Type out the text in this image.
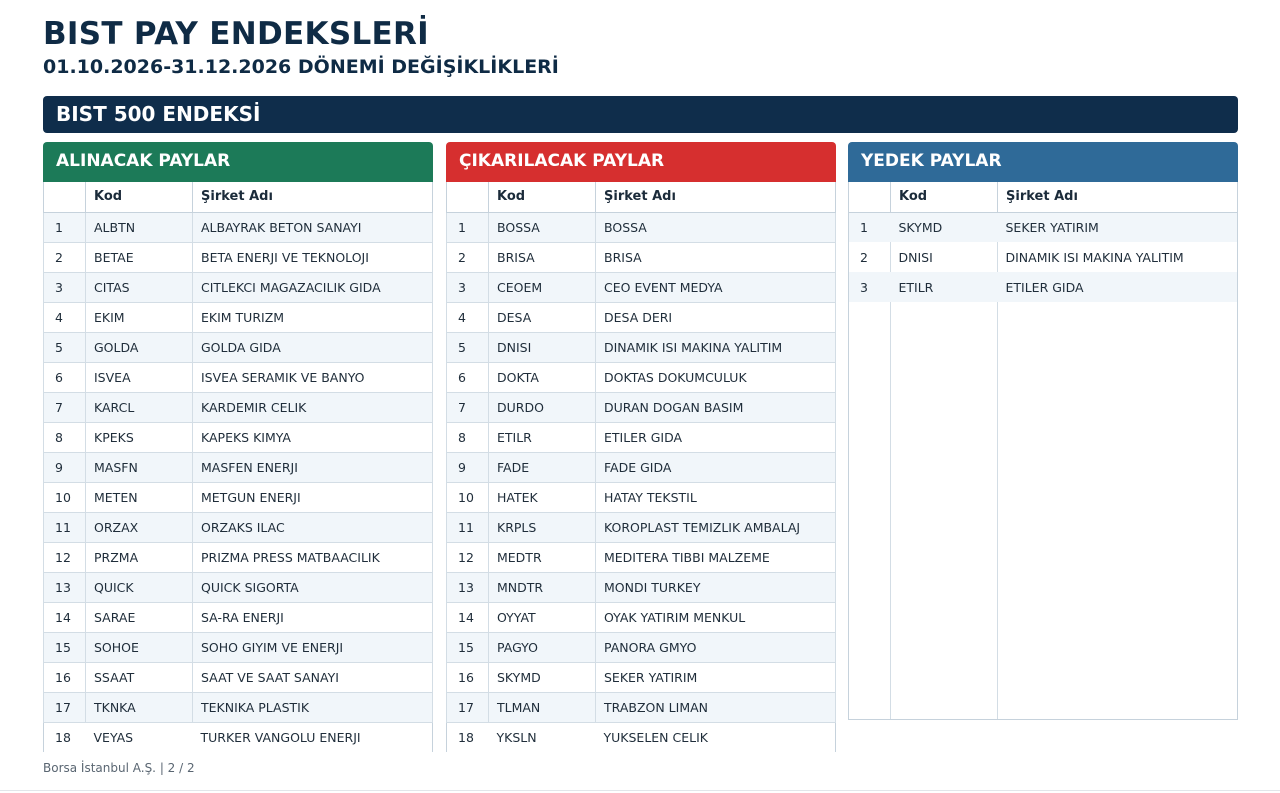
BIST PAY ENDEKSLERİ
01.10.2026-31.12.2026 DÖNEMİ DEĞİŞİKLİKLERİ
BIST 500 ENDEKSİ
ALINACAK PAYLAR
	Kod	Şirket Adı
1	ALBTN	ALBAYRAK BETON SANAYI
2	BETAE	BETA ENERJI VE TEKNOLOJI
3	CITAS	CITLEKCI MAGAZACILIK GIDA
4	EKIM	EKIM TURIZM
5	GOLDA	GOLDA GIDA
6	ISVEA	ISVEA SERAMIK VE BANYO
7	KARCL	KARDEMIR CELIK
8	KPEKS	KAPEKS KIMYA
9	MASFN	MASFEN ENERJI
10	METEN	METGUN ENERJI
11	ORZAX	ORZAKS ILAC
12	PRZMA	PRIZMA PRESS MATBAACILIK
13	QUICK	QUICK SIGORTA
14	SARAE	SA-RA ENERJI
15	SOHOE	SOHO GIYIM VE ENERJI
16	SSAAT	SAAT VE SAAT SANAYI
17	TKNKA	TEKNIKA PLASTIK
18	VEYAS	TURKER VANGOLU ENERJI
ÇIKARILACAK PAYLAR
	Kod	Şirket Adı
1	BOSSA	BOSSA
2	BRISA	BRISA
3	CEOEM	CEO EVENT MEDYA
4	DESA	DESA DERI
5	DNISI	DINAMIK ISI MAKINA YALITIM
6	DOKTA	DOKTAS DOKUMCULUK
7	DURDO	DURAN DOGAN BASIM
8	ETILR	ETILER GIDA
9	FADE	FADE GIDA
10	HATEK	HATAY TEKSTIL
11	KRPLS	KOROPLAST TEMIZLIK AMBALAJ
12	MEDTR	MEDITERA TIBBI MALZEME
13	MNDTR	MONDI TURKEY
14	OYYAT	OYAK YATIRIM MENKUL
15	PAGYO	PANORA GMYO
16	SKYMD	SEKER YATIRIM
17	TLMAN	TRABZON LIMAN
18	YKSLN	YUKSELEN CELIK
YEDEK PAYLAR
	Kod	Şirket Adı
1	SKYMD	SEKER YATIRIM
2	DNISI	DINAMIK ISI MAKINA YALITIM
3	ETILR	ETILER GIDA
Borsa İstanbul A.Ş. | 2 / 2
